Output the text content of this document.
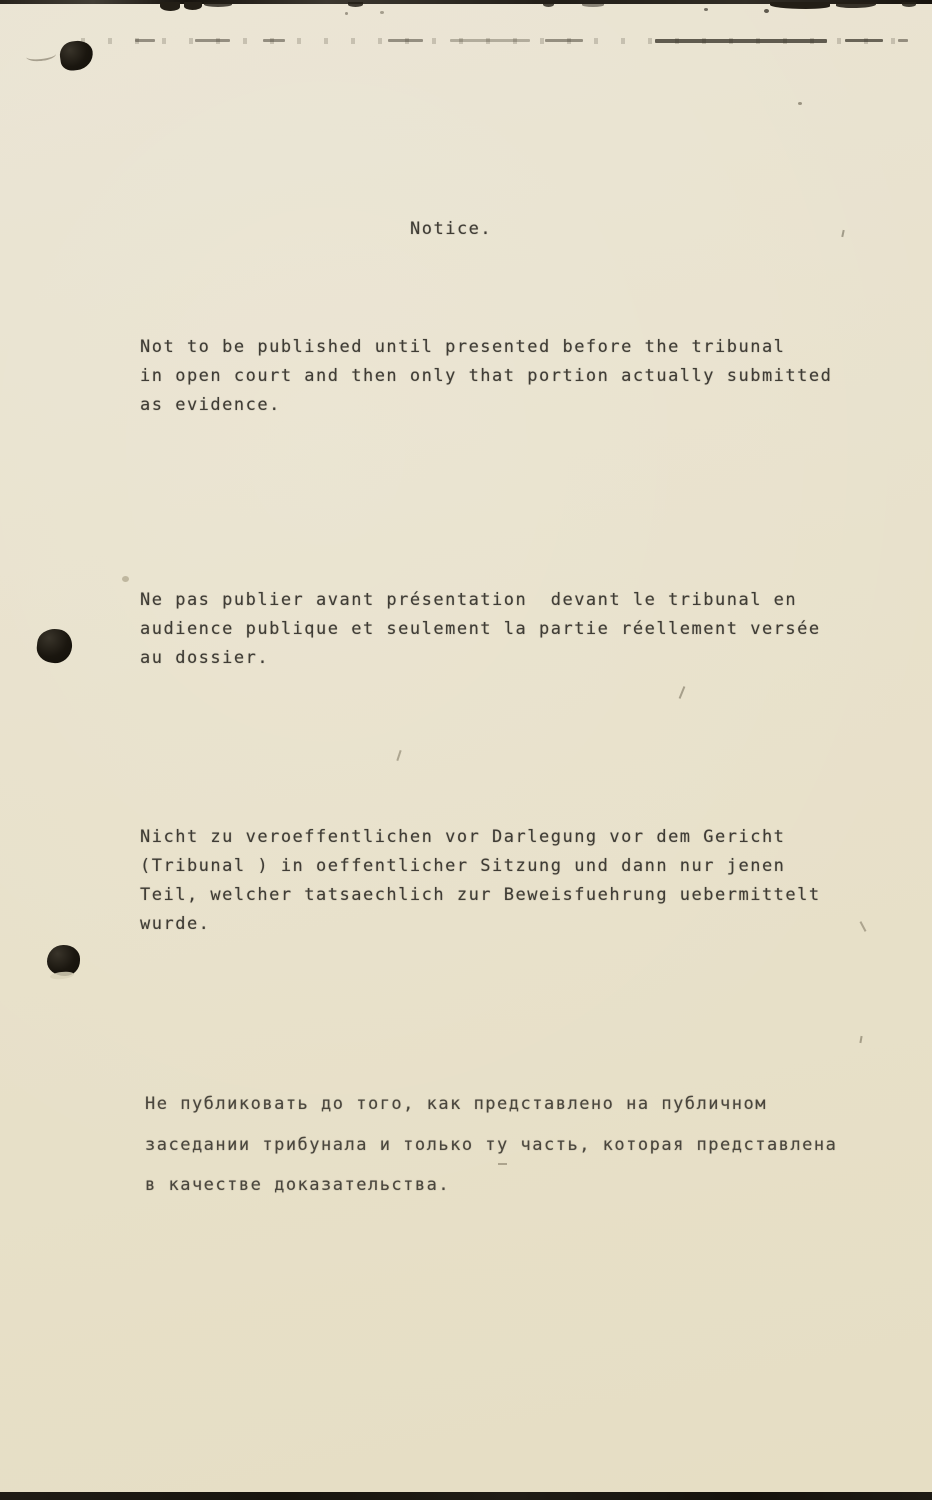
Notice.
Not to be published until presented before the tribunal
in open court and then only that portion actually submitted
as evidence.
Ne pas publier avant présentation  devant le tribunal en
audience publique et seulement la partie réellement versée
au dossier.
Nicht zu veroeffentlichen vor Darlegung vor dem Gericht
(Tribunal ) in oeffentlicher Sitzung und dann nur jenen
Teil, welcher tatsaechlich zur Beweisfuehrung uebermittelt
wurde.
Не публиковать до того, как представлено на публичном
заседании трибунала и только ту часть, которая представлена
в качестве доказательства.
